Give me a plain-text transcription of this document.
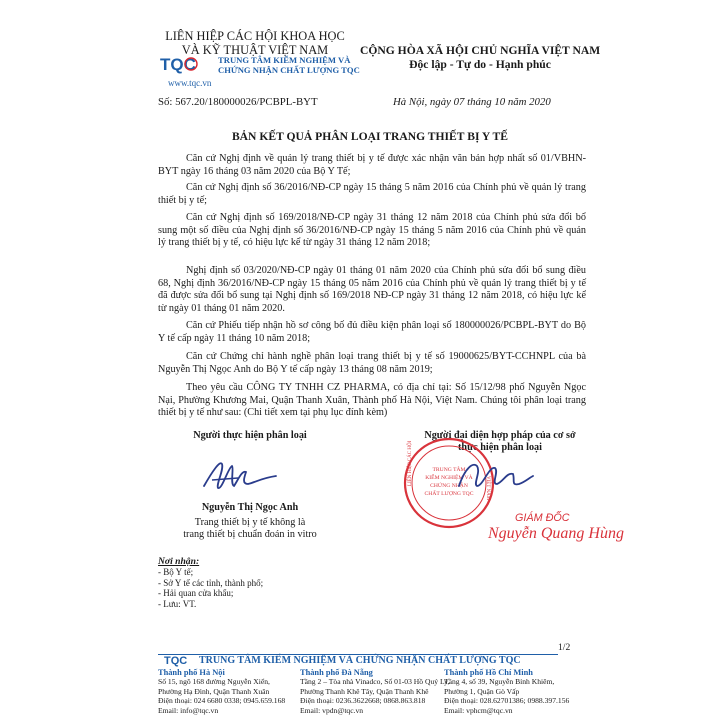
LIÊN HIỆP CÁC HỘI KHOA HỌC
VÀ KỸ THUẬT VIỆT NAM
TQC	TRUNG TÂM KIỂM NGHIỆM VÀ
CHỨNG NHẬN CHẤT LƯỢNG TQC
www.tqc.vn
Số: 567.20/180000026/PCBPL-BYT
CỘNG HÒA XÃ HỘI CHỦ NGHĨA VIỆT NAM
Độc lập - Tự do - Hạnh phúc
Hà Nội, ngày 07 tháng 10 năm 2020
BẢN KẾT QUẢ PHÂN LOẠI TRANG THIẾT BỊ Y TẾ
Căn cứ Nghị định về quản lý trang thiết bị y tế được xác nhận văn bản hợp nhất số 01/VBHN-BYT ngày 16 tháng 03 năm 2020 của Bộ Y Tế;
Căn cứ Nghị định số 36/2016/NĐ-CP ngày 15 tháng 5 năm 2016 của Chính phủ về quản lý trang thiết bị y tế;
Căn cứ Nghị định số 169/2018/NĐ-CP ngày 31 tháng 12 năm 2018 của Chính phủ sửa đổi bổ sung một số điều của Nghị định số 36/2016/NĐ-CP ngày 15 tháng 5 năm 2016 của Chính phủ về quản lý trang thiết bị y tế, có hiệu lực kể từ ngày 31 tháng 12 năm 2018;
Nghị định số 03/2020/NĐ-CP ngày 01 tháng 01 năm 2020 của Chính phủ sửa đổi bổ sung điều 68, Nghị định 36/2016/NĐ-CP ngày 15 tháng 05 năm 2016 của Chính phủ về quản lý trang thiết bị y tế đã được sửa đổi bổ sung tại Nghị định số 169/2018 NĐ-CP ngày 31 tháng 12 năm 2018, có hiệu lực kể từ ngày 01 tháng 01 năm 2020.
Căn cứ Phiếu tiếp nhận hồ sơ công bố đủ điều kiện phân loại số 180000026/PCBPL-BYT do Bộ Y tế cấp ngày 11 tháng 10 năm 2018;
Căn cứ Chứng chỉ hành nghề phân loại trang thiết bị y tế số 19000625/BYT-CCHNPL của bà Nguyễn Thị Ngọc Anh do Bộ Y tế cấp ngày 13 tháng 08 năm 2019;
Theo yêu cầu CÔNG TY TNHH CZ PHARMA, có địa chỉ tại: Số 15/12/98 phố Nguyễn Ngọc Nại, Phường Khương Mai, Quận Thanh Xuân, Thành phố Hà Nội, Việt Nam. Chúng tôi phân loại trang thiết bị y tế như sau: (Chi tiết xem tại phụ lục đính kèm)
Người thực hiện phân loại
Nguyễn Thị Ngọc Anh
Trang thiết bị y tế không là
trang thiết bị chuẩn đoán in vitro
Người đại diện hợp pháp của cơ sở
thực hiện phân loại
TRUNG TÂM
KIỂM NGHIỆM VÀ
CHỨNG NHẬN
CHẤT LƯỢNG TQC
LIÊN HIỆP CÁC HỘI
VIỆT NAM
GIÁM ĐỐC
Nguyễn Quang Hùng
Nơi nhận:
- Bộ Y tế;
- Sở Y tế các tỉnh, thành phố;
- Hải quan cửa khẩu;
- Lưu: VT.
1/2
TQC TRUNG TÂM KIỂM NGHIỆM VÀ CHỨNG NHẬN CHẤT LƯỢNG TQC
Thành phố Hà Nội
Số 15, ngõ 168 đường Nguyễn Xiển,
Phường Hạ Đình, Quận Thanh Xuân
Điện thoại: 024 6680 0338; 0945.659.168
Email: info@tqc.vn
Thành phố Đà Nẵng
Tầng 2 – Tòa nhà Vinadco, Số 01-03 Hồ Quý Ly,
Phường Thanh Khê Tây, Quận Thanh Khê
Điện thoại: 0236.3622668; 0868.863.818
Email: vpdn@tqc.vn
Thành phố Hồ Chí Minh
Tầng 4, số 39, Nguyễn Bỉnh Khiêm,
Phường 1, Quận Gò Vấp
Điện thoại: 028.62701386; 0988.397.156
Email: vphcm@tqc.vn
